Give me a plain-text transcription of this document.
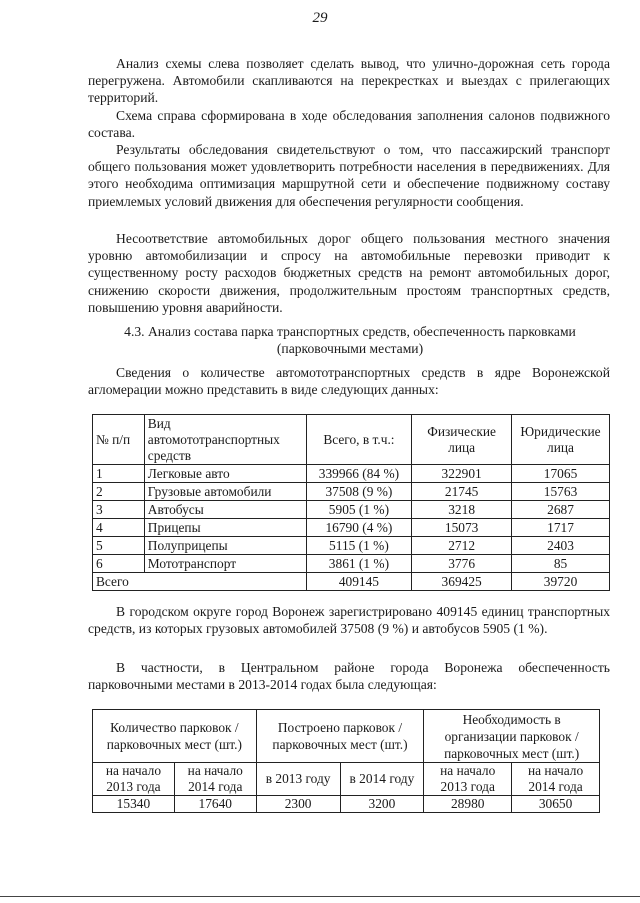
29

Анализ схемы слева позволяет сделать вывод, что улично-дорожная сеть города перегружена. Автомобили скапливаются на перекрестках и выездах с прилегающих территорий.

Схема справа сформирована в ходе обследования заполнения салонов подвижного состава.

Результаты обследования свидетельствуют о том, что пассажирский транспорт общего пользования может удовлетворить потребности населения в передвижениях. Для этого необходима оптимизация маршрутной сети и обеспечение подвижному составу приемлемых условий движения для обеспечения регулярности сообщения.

Несоответствие автомобильных дорог общего пользования местного значения уровню автомобилизации и спросу на автомобильные перевозки приводит к существенному росту расходов бюджетных средств на ремонт автомобильных дорог, снижению скорости движения, продолжительным простоям транспортных средств, повышению уровня аварийности.

4.3. Анализ состава парка транспортных средств, обеспеченность парковками (парковочными местами)

Сведения о количестве автомототранспортных средств в ядре Воронежской агломерации можно представить в виде следующих данных:

№ п/п	Вид автомототранспортных средств	Всего, в т.ч.:	Физические лица	Юридические лица
1	Легковые авто	339966 (84 %)	322901	17065
2	Грузовые автомобили	37508 (9 %)	21745	15763
3	Автобусы	5905 (1 %)	3218	2687
4	Прицепы	16790 (4 %)	15073	1717
5	Полуприцепы	5115 (1 %)	2712	2403
6	Мототранспорт	3861 (1 %)	3776	85
Всего		409145	369425	39720

В городском округе город Воронеж зарегистрировано 409145 единиц транспортных средств, из которых грузовых автомобилей 37508 (9 %) и автобусов 5905 (1 %).

В частности, в Центральном районе города Воронежа обеспеченность парковочными местами в 2013-2014 годах была следующая:

Количество парковок / парковочных мест (шт.)		Построено парковок / парковочных мест (шт.)		Необходимость в организации парковок / парковочных мест (шт.)	
на начало 2013 года	на начало 2014 года	в 2013 году	в 2014 году	на начало 2013 года	на начало 2014 года
15340	17640	2300	3200	28980	30650
